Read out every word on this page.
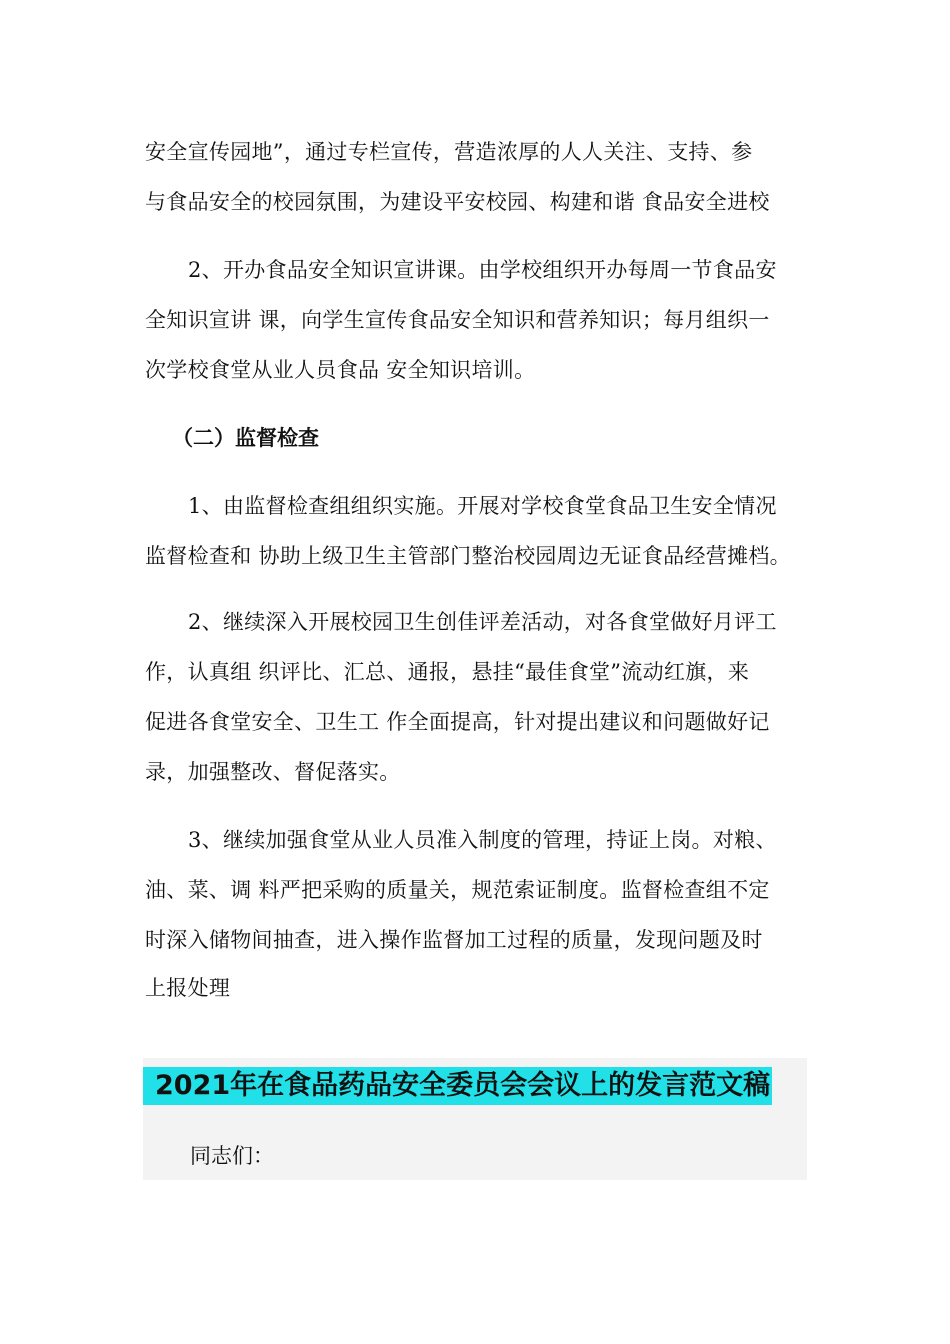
安全宣传园地”，通过专栏宣传，营造浓厚的人人关注、支持、参
与食品安全的校园氛围，为建设平安校园、构建和谐 食品安全进校
2、开办食品安全知识宣讲课。由学校组织开办每周一节食品安
全知识宣讲 课，向学生宣传食品安全知识和营养知识；每月组织一
次学校食堂从业人员食品 安全知识培训。
（二）监督检查
1、由监督检查组组织实施。开展对学校食堂食品卫生安全情况
监督检查和 协助上级卫生主管部门整治校园周边无证食品经营摊档。
2、继续深入开展校园卫生创佳评差活动，对各食堂做好月评工
作，认真组 织评比、汇总、通报，悬挂“最佳食堂”流动红旗，来
促进各食堂安全、卫生工 作全面提高，针对提出建议和问题做好记
录，加强整改、督促落实。
3、继续加强食堂从业人员准入制度的管理，持证上岗。对粮、
油、菜、调 料严把采购的质量关，规范索证制度。监督检查组不定
时深入储物间抽查，进入操作监督加工过程的质量，发现问题及时
上报处理
2021年在食品药品安全委员会会议上的发言范文稿
同志们：
